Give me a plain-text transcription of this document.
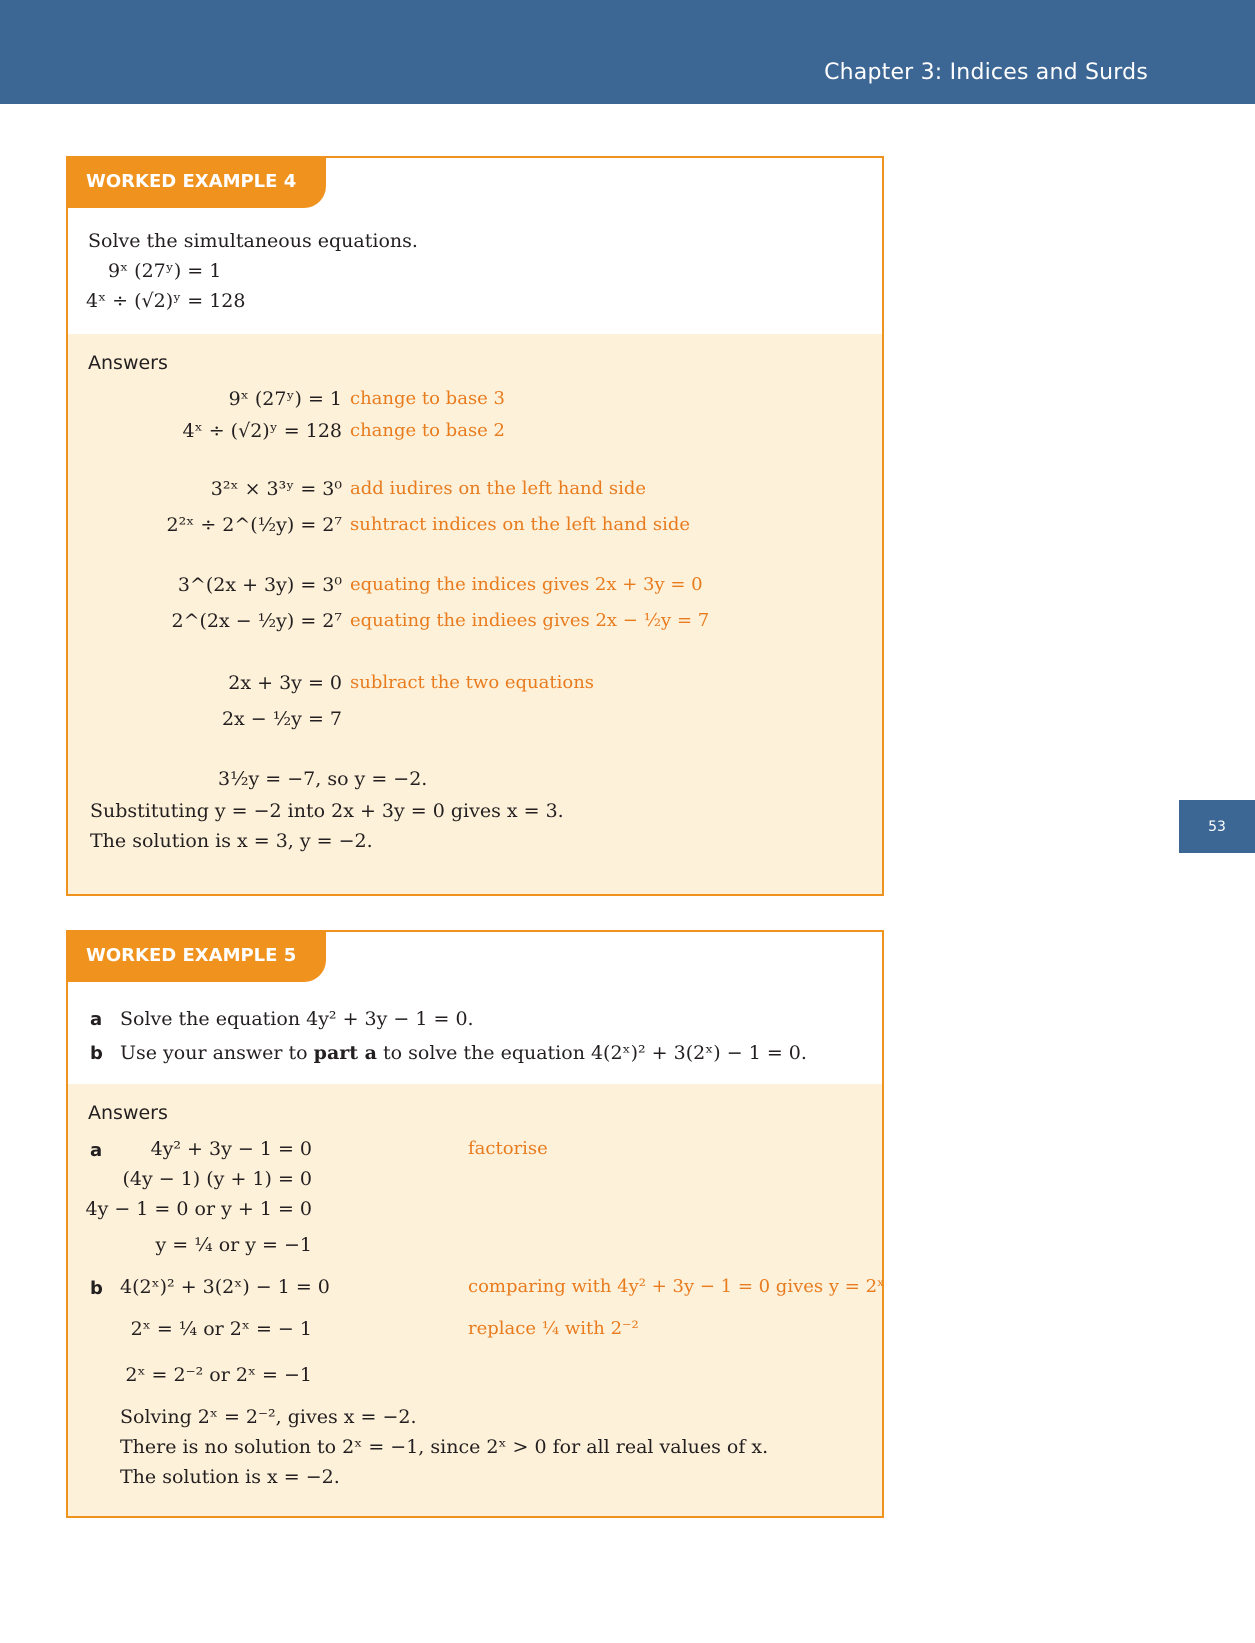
Chapter 3: Indices and Surds
53
WORKED EXAMPLE 4
Solve the simultaneous equations.
9ˣ (27ʸ) = 1
4ˣ ÷ (√2)ʸ = 128
Answers
9ˣ (27ʸ) = 1 change to base 3
4ˣ ÷ (√2)ʸ = 128 change to base 2
3²ˣ × 3³ʸ = 3⁰ add iudires on the left hand side
2²ˣ ÷ 2^(½y) = 2⁷ suhtract indices on the left hand side
3^(2x + 3y) = 3⁰ equating the indices gives 2x + 3y = 0
2^(2x − ½y) = 2⁷ equating the indiees gives 2x − ½y = 7
2x + 3y = 0 sublract the two equations
2x − ½y = 7
3½y = −7, so y = −2.
Substituting y = −2 into 2x + 3y = 0 gives x = 3.
The solution is x = 3, y = −2.
WORKED EXAMPLE 5
a Solve the equation 4y² + 3y − 1 = 0.
b Use your answer to part a to solve the equation 4(2ˣ)² + 3(2ˣ) − 1 = 0.
Answers
a	4y² + 3y − 1 = 0	factorise
(4y − 1) (y + 1) = 0
4y − 1 = 0 or y + 1 = 0
y = ¼ or y = −1
b 4(2ˣ)² + 3(2ˣ) − 1 = 0	comparing with 4y² + 3y − 1 = 0 gives y = 2ˣ
2ˣ = ¼ or 2ˣ = − 1	replace ¼ with 2⁻²
2ˣ = 2⁻² or 2ˣ = −1
Solving 2ˣ = 2⁻², gives x = −2.
There is no solution to 2ˣ = −1, since 2ˣ > 0 for all real values of x.
The solution is x = −2.
